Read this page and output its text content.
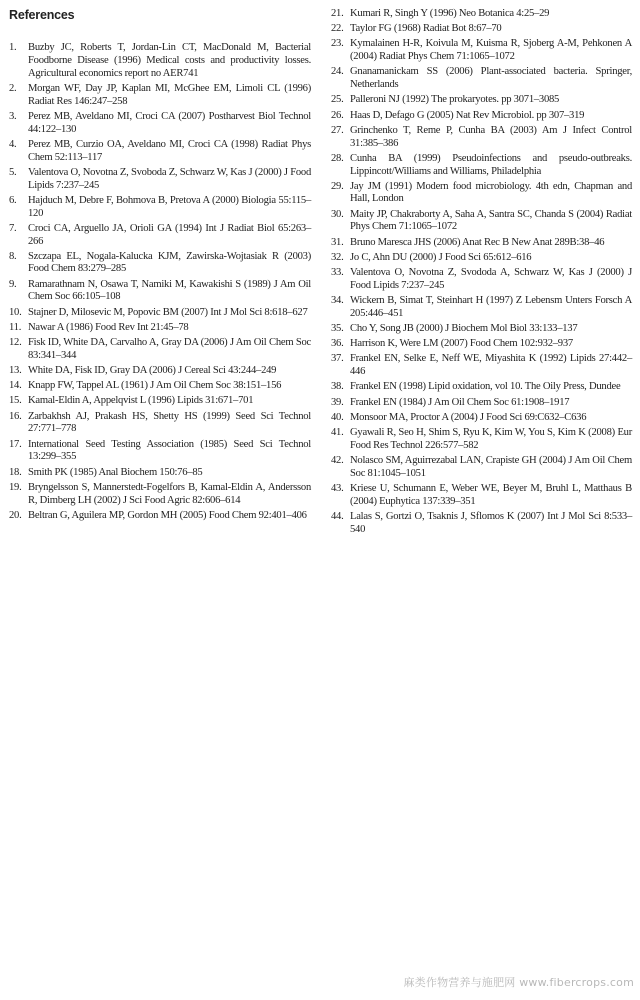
References
1.	Buzby JC, Roberts T, Jordan-Lin CT, MacDonald M, Bacterial Foodborne Disease (1996) Medical costs and productivity losses. Agricultural economics report no AER741
2.	Morgan WF, Day JP, Kaplan MI, McGhee EM, Limoli CL (1996) Radiat Res 146:247–258
3.	Perez MB, Aveldano MI, Croci CA (2007) Postharvest Biol Technol 44:122–130
4.	Perez MB, Curzio OA, Aveldano MI, Croci CA (1998) Radiat Phys Chem 52:113–117
5.	Valentova O, Novotna Z, Svoboda Z, Schwarz W, Kas J (2000) J Food Lipids 7:237–245
6.	Hajduch M, Debre F, Bohmova B, Pretova A (2000) Biologia 55:115–120
7.	Croci CA, Arguello JA, Orioli GA (1994) Int J Radiat Biol 65:263–266
8.	Szczapa EL, Nogala-Kalucka KJM, Zawirska-Wojtasiak R (2003) Food Chem 83:279–285
9.	Ramarathnam N, Osawa T, Namiki M, Kawakishi S (1989) J Am Oil Chem Soc 66:105–108
10. Stajner D, Milosevic M, Popovic BM (2007) Int J Mol Sci 8:618–627
11. Nawar A (1986) Food Rev Int 21:45–78
12. Fisk ID, White DA, Carvalho A, Gray DA (2006) J Am Oil Chem Soc 83:341–344
13. White DA, Fisk ID, Gray DA (2006) J Cereal Sci 43:244–249
14. Knapp FW, Tappel AL (1961) J Am Oil Chem Soc 38:151–156
15. Kamal-Eldin A, Appelqvist L (1996) Lipids 31:671–701
16. Zarbakhsh AJ, Prakash HS, Shetty HS (1999) Seed Sci Technol 27:771–778
17. International Seed Testing Association (1985) Seed Sci Technol 13:299–355
18. Smith PK (1985) Anal Biochem 150:76–85
19. Bryngelsson S, Mannerstedt-Fogelfors B, Kamal-Eldin A, Andersson R, Dimberg LH (2002) J Sci Food Agric 82:606–614
20. Beltran G, Aguilera MP, Gordon MH (2005) Food Chem 92:401–406
21. Kumari R, Singh Y (1996) Neo Botanica 4:25–29
22. Taylor FG (1968) Radiat Bot 8:67–70
23. Kymalainen H-R, Koivula M, Kuisma R, Sjoberg A-M, Pehkonen A (2004) Radiat Phys Chem 71:1065–1072
24. Gnanamanickam SS (2006) Plant-associated bacteria. Springer, Netherlands
25. Palleroni NJ (1992) The prokaryotes. pp 3071–3085
26. Haas D, Defago G (2005) Nat Rev Microbiol. pp 307–319
27. Grinchenko T, Reme P, Cunha BA (2003) Am J Infect Control 31:385–386
28. Cunha BA (1999) Pseudoinfections and pseudo-outbreaks. Lippincott/Williams and Williams, Philadelphia
29. Jay JM (1991) Modern food microbiology. 4th edn, Chapman and Hall, London
30. Maity JP, Chakraborty A, Saha A, Santra SC, Chanda S (2004) Radiat Phys Chem 71:1065–1072
31. Bruno Maresca JHS (2006) Anat Rec B New Anat 289B:38–46
32. Jo C, Ahn DU (2000) J Food Sci 65:612–616
33. Valentova O, Novotna Z, Svododa A, Schwarz W, Kas J (2000) J Food Lipids 7:237–245
34. Wickern B, Simat T, Steinhart H (1997) Z Lebensm Unters Forsch A 205:446–451
35. Cho Y, Song JB (2000) J Biochem Mol Biol 33:133–137
36. Harrison K, Were LM (2007) Food Chem 102:932–937
37. Frankel EN, Selke E, Neff WE, Miyashita K (1992) Lipids 27:442–446
38. Frankel EN (1998) Lipid oxidation, vol 10. The Oily Press, Dundee
39. Frankel EN (1984) J Am Oil Chem Soc 61:1908–1917
40. Monsoor MA, Proctor A (2004) J Food Sci 69:C632–C636
41. Gyawali R, Seo H, Shim S, Ryu K, Kim W, You S, Kim K (2008) Eur Food Res Technol 226:577–582
42. Nolasco SM, Aguirrezabal LAN, Crapiste GH (2004) J Am Oil Chem Soc 81:1045–1051
43. Kriese U, Schumann E, Weber WE, Beyer M, Bruhl L, Matthaus B (2004) Euphytica 137:339–351
44. Lalas S, Gortzi O, Tsaknis J, Sflomos K (2007) Int J Mol Sci 8:533–540
麻类作物营养与施肥网 www.fibercrops.com
